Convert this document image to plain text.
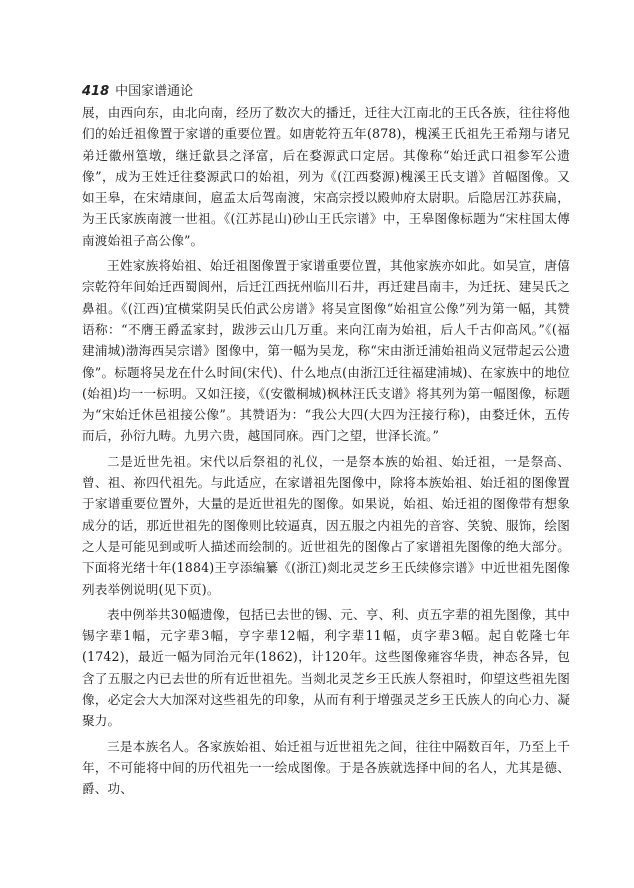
418 中国家谱通论

展，由西向东，由北向南，经历了数次大的播迁，迁往大江南北的王氏各族，往往将他们的始迁祖像置于家谱的重要位置。如唐乾符五年(878)，槐溪王氏祖先王希翔与诸兄弟迁徽州篁墩，继迁歙县之泽富，后在婺源武口定居。其像称“始迁武口祖参军公遗像”，成为王姓迁往婺源武口的始祖，列为《(江西婺源)槐溪王氏支谱》首幅图像。又如王皋，在宋靖康间，扈孟太后驾南渡，宋高宗授以殿帅府太尉职。后隐居江苏获扁，为王氏家族南渡一世祖。《(江苏昆山)砂山王氏宗谱》中，王皋图像标题为“宋柱国太傅南渡始祖子高公像”。

王姓家族将始祖、始迁祖图像置于家谱重要位置，其他家族亦如此。如吴宣，唐僖宗乾符年间始迁西蜀阆州，后迁江西抚州临川石井，再迁建昌南丰，为迁抚、建吴氏之鼻祖。《(江西)宜横棠阴吴氏伯武公房谱》将吴宣图像“始祖宣公像”列为第一幅，其赞语称：“不膺王爵孟家封，跋涉云山几万重。来向江南为始祖，后人千古仰高风。”《(福建浦城)渤海西吴宗谱》图像中，第一幅为吴龙，称“宋由浙迁浦始祖尚义冠带起云公遗像”。标题将吴龙在什么时间(宋代)、什么地点(由浙江迁往福建浦城)、在家族中的地位(始祖)均一一标明。又如汪接，《(安徽桐城)枫林汪氏支谱》将其列为第一幅图像，标题为“宋始迁休邑祖接公像”。其赞语为：“我公大四(大四为汪接行称)，由婺迁休，五传而后，孙衍九畴。九男六贵，越国同庥。西门之望，世泽长流。”

二是近世先祖。宋代以后祭祖的礼仪，一是祭本族的始祖、始迁祖，一是祭高、曾、祖、祢四代祖先。与此适应，在家谱祖先图像中，除将本族始祖、始迁祖的图像置于家谱重要位置外，大量的是近世祖先的图像。如果说，始祖、始迁祖的图像带有想象成分的话，那近世祖先的图像则比较逼真，因五服之内祖先的音容、笑貌、服饰，绘图之人是可能见到或听人描述而绘制的。近世祖先的图像占了家谱祖先图像的绝大部分。下面将光绪十年(1884)王亨添编纂《(浙江)剡北灵芝乡王氏续修宗谱》中近世祖先图像列表举例说明(见下页)。

表中例举共30幅遗像，包括已去世的锡、元、亨、利、贞五字辈的祖先图像，其中锡字辈1幅，元字辈3幅，亨字辈12幅，利字辈11幅，贞字辈3幅。起自乾隆七年(1742)，最近一幅为同治元年(1862)，计120年。这些图像雍容华贵，神态各异，包含了五服之内已去世的所有近世祖先。当剡北灵芝乡王氏族人祭祖时，仰望这些祖先图像，必定会大大加深对这些祖先的印象，从而有利于增强灵芝乡王氏族人的向心力、凝聚力。

三是本族名人。各家族始祖、始迁祖与近世祖先之间，往往中隔数百年，乃至上千年，不可能将中间的历代祖先一一绘成图像。于是各族就选择中间的名人，尤其是德、爵、功、
